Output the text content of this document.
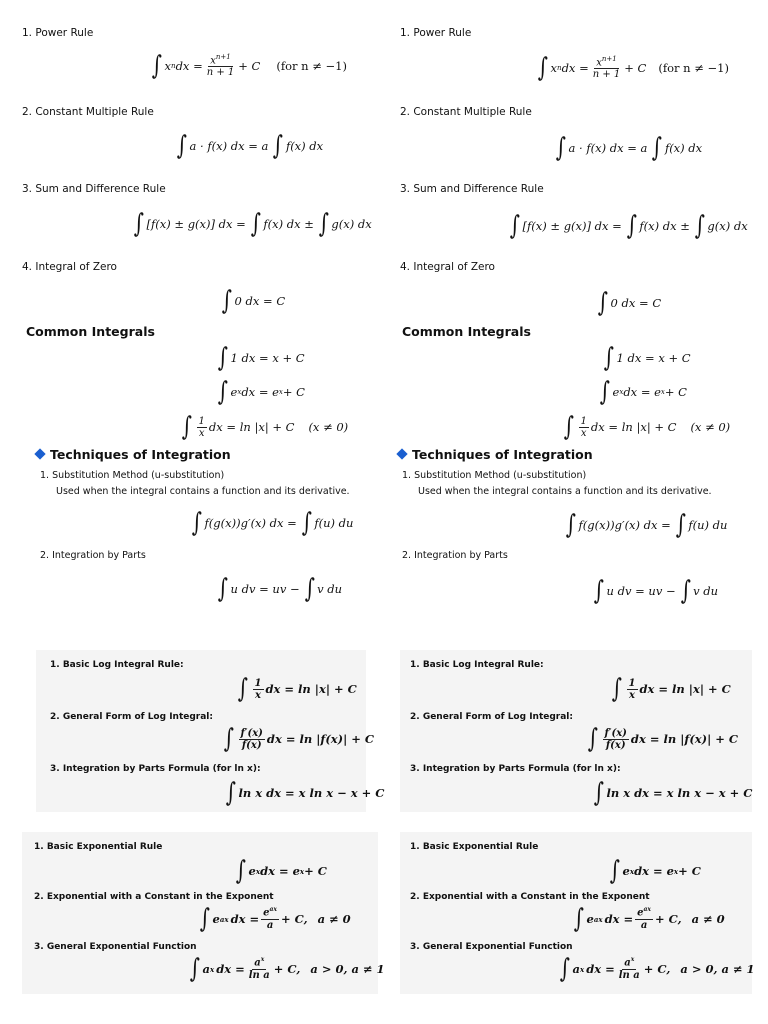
1. Power Rule
∫ x n dx = $\frac{x^{n+1}}{n + 1} + C$ (for n ≠ −1)
2. Constant Multiple Rule
∫ a · f(x) dx = a ∫ f(x) dx
3. Sum and Difference Rule
∫ [f(x) ± g(x)] dx = ∫ f(x) dx ± ∫ g(x) dx
4. Integral of Zero
∫ 0 dx = C
Common Integrals
∫ 1 dx = x + C
∫ e x dx = e x + C
∫ $\frac{1}{x}$ dx = ln |x| + C (x ≠ 0)
Techniques of Integration
1. Substitution Method (u-substitution)
Used when the integral contains a function and its derivative.
∫ f(g(x))g′(x) dx = ∫ f(u) du
2. Integration by Parts
∫ u dv = uv − ∫ v du
1. Basic Log Integral Rule:
∫ $\frac{1}{x}$ dx = ln |x| + C
2. General Form of Log Integral:
∫ $\frac{f'(x)}{f(x)}$ dx = ln |f(x)| + C
3. Integration by Parts Formula (for ln x):
∫ ln x dx = x ln x − x + C
1. Basic Exponential Rule
∫ e x dx = e x + C
2. Exponential with a Constant in the Exponent
∫ e ax dx = $\frac{e^{ax}}{a} + C$, a ≠ 0
3. General Exponential Function
∫ a x dx = $\frac{a^x}{\text{ln a}} + C$, a > 0, a ≠ 1
1. Power Rule
∫ x n dx = $\frac{x^{n+1}}{n + 1} + C$ (for n ≠ −1)
2. Constant Multiple Rule
∫ a · f(x) dx = a ∫ f(x) dx
3. Sum and Difference Rule
∫ [f(x) ± g(x)] dx = ∫ f(x) dx ± ∫ g(x) dx
4. Integral of Zero
∫ 0 dx = C
Common Integrals
∫ 1 dx = x + C
∫ e x dx = e x + C
∫ $\frac{1}{x}$ dx = ln |x| + C (x ≠ 0)
Techniques of Integration
1. Substitution Method (u-substitution)
Used when the integral contains a function and its derivative.
∫ f(g(x))g′(x) dx = ∫ f(u) du
2. Integration by Parts
∫ u dv = uv − ∫ v du
1. Basic Log Integral Rule:
∫ $\frac{1}{x}$ dx = ln |x| + C
2. General Form of Log Integral:
∫ $\frac{f'(x)}{f(x)}$ dx = ln |f(x)| + C
3. Integration by Parts Formula (for ln x):
∫ ln x dx = x ln x − x + C
1. Basic Exponential Rule
∫ e x dx = e x + C
2. Exponential with a Constant in the Exponent
∫ e ax dx = $\frac{e^{ax}}{a} + C$, a ≠ 0
3. General Exponential Function
∫ a x dx = $\frac{a^x}{\text{ln a}} + C$, a > 0, a ≠ 1
